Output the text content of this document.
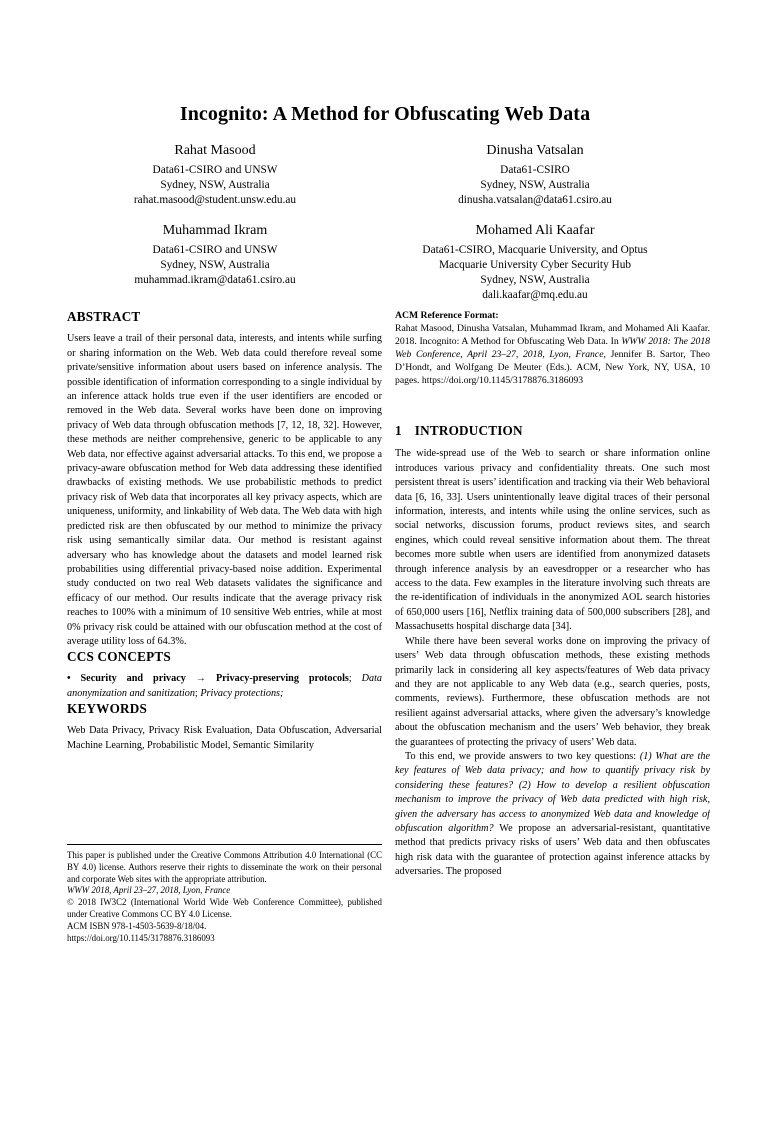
Incognito: A Method for Obfuscating Web Data
Rahat Masood
Data61-CSIRO and UNSW
Sydney, NSW, Australia
rahat.masood@student.unsw.edu.au
Dinusha Vatsalan
Data61-CSIRO
Sydney, NSW, Australia
dinusha.vatsalan@data61.csiro.au
Muhammad Ikram
Data61-CSIRO and UNSW
Sydney, NSW, Australia
muhammad.ikram@data61.csiro.au
Mohamed Ali Kaafar
Data61-CSIRO, Macquarie University, and Optus
Macquarie University Cyber Security Hub
Sydney, NSW, Australia
dali.kaafar@mq.edu.au
ABSTRACT

Users leave a trail of their personal data, interests, and intents while surfing or sharing information on the Web. Web data could therefore reveal some private/sensitive information about users based on inference analysis. The possible identification of information corresponding to a single individual by an inference attack holds true even if the user identifiers are encoded or removed in the Web data. Several works have been done on improving privacy of Web data through obfuscation methods [7, 12, 18, 32]. However, these methods are neither comprehensive, generic to be applicable to any Web data, nor effective against adversarial attacks. To this end, we propose a privacy-aware obfuscation method for Web data addressing these identified drawbacks of existing methods. We use probabilistic methods to predict privacy risk of Web data that incorporates all key privacy aspects, which are uniqueness, uniformity, and linkability of Web data. The Web data with high predicted risk are then obfuscated by our method to minimize the privacy risk using semantically similar data. Our method is resistant against adversary who has knowledge about the datasets and model learned risk probabilities using differential privacy-based noise addition. Experimental study conducted on two real Web datasets validates the significance and efficacy of our method. Our results indicate that the average privacy risk reaches to 100% with a minimum of 10 sensitive Web entries, while at most 0% privacy risk could be attained with our obfuscation method at the cost of average utility loss of 64.3%.

CCS CONCEPTS

• Security and privacy → Privacy-preserving protocols; Data anonymization and sanitization; Privacy protections;

KEYWORDS

Web Data Privacy, Privacy Risk Evaluation, Data Obfuscation, Adversarial Machine Learning, Probabilistic Model, Semantic Similarity

This paper is published under the Creative Commons Attribution 4.0 International (CC BY 4.0) license. Authors reserve their rights to disseminate the work on their personal and corporate Web sites with the appropriate attribution.

WWW 2018, April 23–27, 2018, Lyon, France

© 2018 IW3C2 (International World Wide Web Conference Committee), published under Creative Commons CC BY 4.0 License.

ACM ISBN 978-1-4503-5639-8/18/04.

https://doi.org/10.1145/3178876.3186093

ACM Reference Format:

Rahat Masood, Dinusha Vatsalan, Muhammad Ikram, and Mohamed Ali Kaafar. 2018. Incognito: A Method for Obfuscating Web Data. In WWW 2018: The 2018 Web Conference, April 23–27, 2018, Lyon, France, Jennifer B. Sartor, Theo D’Hondt, and Wolfgang De Meuter (Eds.). ACM, New York, NY, USA, 10 pages. https://doi.org/10.1145/3178876.3186093

1 INTRODUCTION

The wide-spread use of the Web to search or share information online introduces various privacy and confidentiality threats. One such most persistent threat is users’ identification and tracking via their Web behavioral data [6, 16, 33]. Users unintentionally leave digital traces of their personal information, interests, and intents while using the online services, such as social networks, discussion forums, product reviews sites, and search engines, which could reveal sensitive information about them. The threat becomes more subtle when users are identified from anonymized datasets through inference analysis by an eavesdropper or a researcher who has access to the data. Few examples in the literature involving such threats are the re-identification of individuals in the anonymized AOL search histories of 650,000 users [16], Netflix training data of 500,000 subscribers [28], and Massachusetts hospital discharge data [34].

While there have been several works done on improving the privacy of users’ Web data through obfuscation methods, these existing methods primarily lack in considering all key aspects/features of Web data privacy and they are not applicable to any Web data (e.g., search queries, posts, comments, reviews). Furthermore, these obfuscation methods are not resilient against adversarial attacks, where given the adversary’s knowledge about the obfuscation mechanism and the users’ Web behavior, they break the guarantees of protecting the privacy of users’ Web data.

To this end, we provide answers to two key questions: (1) What are the key features of Web data privacy; and how to quantify privacy risk by considering these features? (2) How to develop a resilient obfuscation mechanism to improve the privacy of Web data predicted with high risk, given the adversary has access to anonymized Web data and knowledge of obfuscation algorithm? We propose an adversarial-resistant, quantitative method that predicts privacy risks of users’ Web data and then obfuscates high risk data with the guarantee of protection against inference attacks by adversaries. The proposed
